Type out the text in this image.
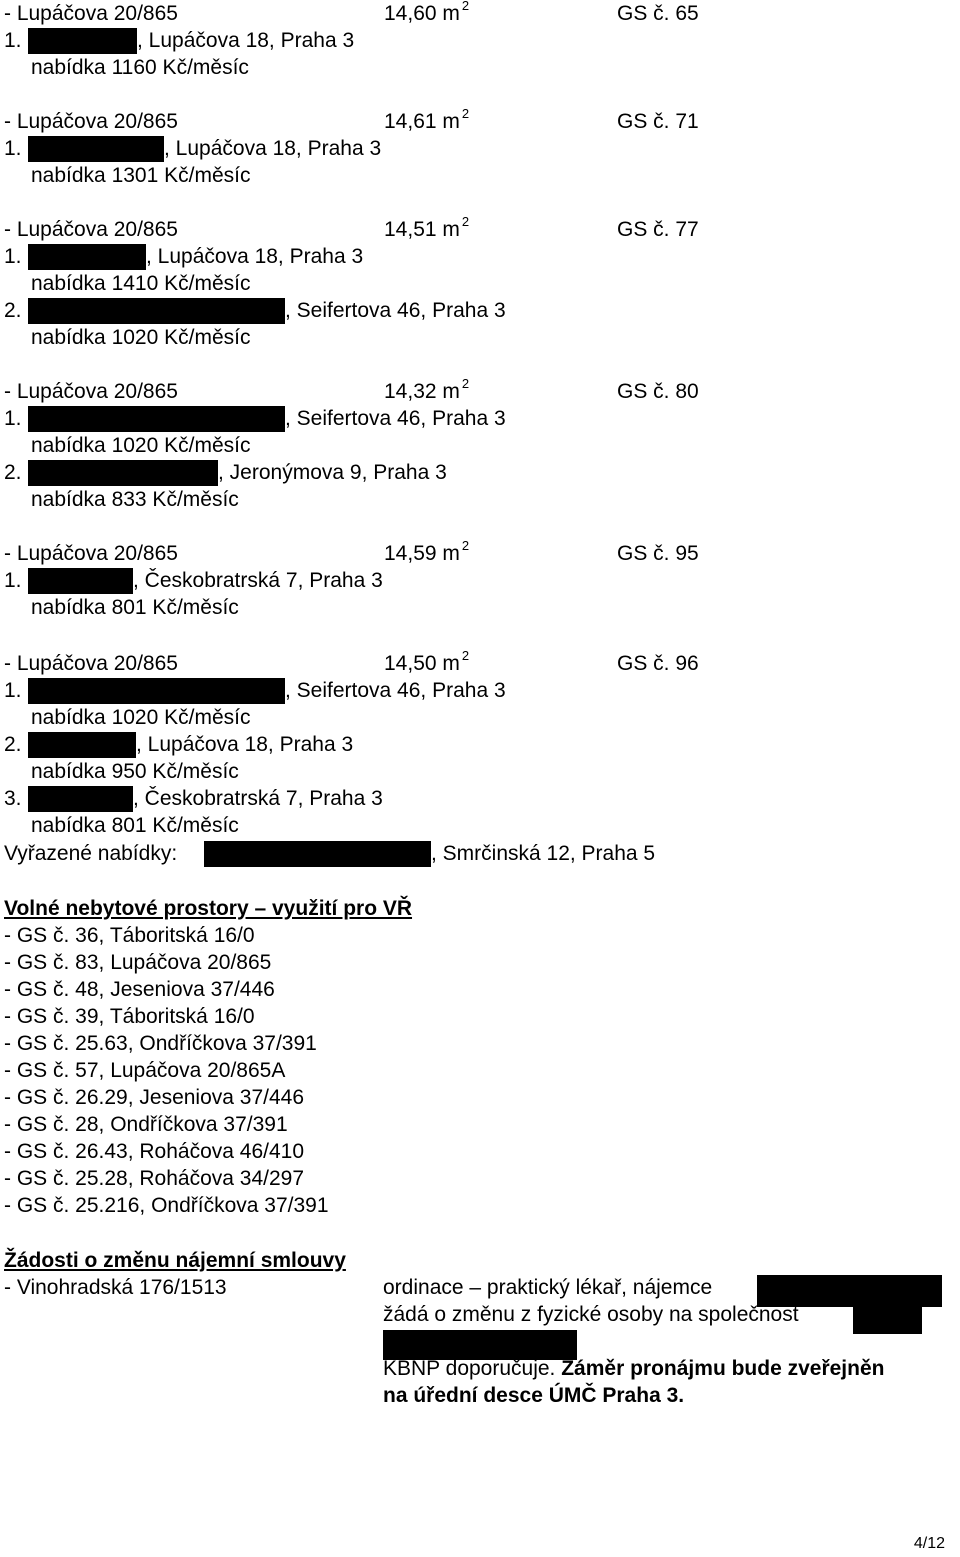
- Lupáčova 20/865	14,60 m $^2$	GS č. 65
1.	, Lupáčova 18, Praha 3
nabídka 1160 Kč/měsíc
- Lupáčova 20/865	14,61 m $^2$	GS č. 71
1.	, Lupáčova 18, Praha 3
nabídka 1301 Kč/měsíc
- Lupáčova 20/865	14,51 m $^2$	GS č. 77
1.	, Lupáčova 18, Praha 3
nabídka 1410 Kč/měsíc
2.	, Seifertova 46, Praha 3
nabídka 1020 Kč/měsíc
- Lupáčova 20/865	14,32 m $^2$	GS č. 80
1.	, Seifertova 46, Praha 3
nabídka 1020 Kč/měsíc
2.	, Jeronýmova 9, Praha 3
nabídka 833 Kč/měsíc
- Lupáčova 20/865	14,59 m $^2$	GS č. 95
1.	, Českobratrská 7, Praha 3
nabídka 801 Kč/měsíc
- Lupáčova 20/865	14,50 m $^2$	GS č. 96
1.	, Seifertova 46, Praha 3
nabídka 1020 Kč/měsíc
2.	, Lupáčova 18, Praha 3
nabídka 950 Kč/měsíc
3.	, Českobratrská 7, Praha 3
nabídka 801 Kč/měsíc
Vyřazené nabídky:	, Smrčinská 12, Praha 5
Volné nebytové prostory – využití pro VŘ
- GS č. 36, Táboritská 16/0
- GS č. 83, Lupáčova 20/865
- GS č. 48, Jeseniova 37/446
- GS č. 39, Táboritská 16/0
- GS č. 25.63, Ondříčkova 37/391
- GS č. 57, Lupáčova 20/865A
- GS č. 26.29, Jeseniova 37/446
- GS č. 28, Ondříčkova 37/391
- GS č. 26.43, Roháčova 46/410
- GS č. 25.28, Roháčova 34/297
- GS č. 25.216, Ondříčkova 37/391
Žádosti o změnu nájemní smlouvy
- Vinohradská 176/1513	ordinace – praktický lékař, nájemce
žádá o změnu z fyzické osoby na společnost
KBNP doporučuje. Záměr pronájmu bude zveřejněn
na úřední desce ÚMČ Praha 3.
4/12
